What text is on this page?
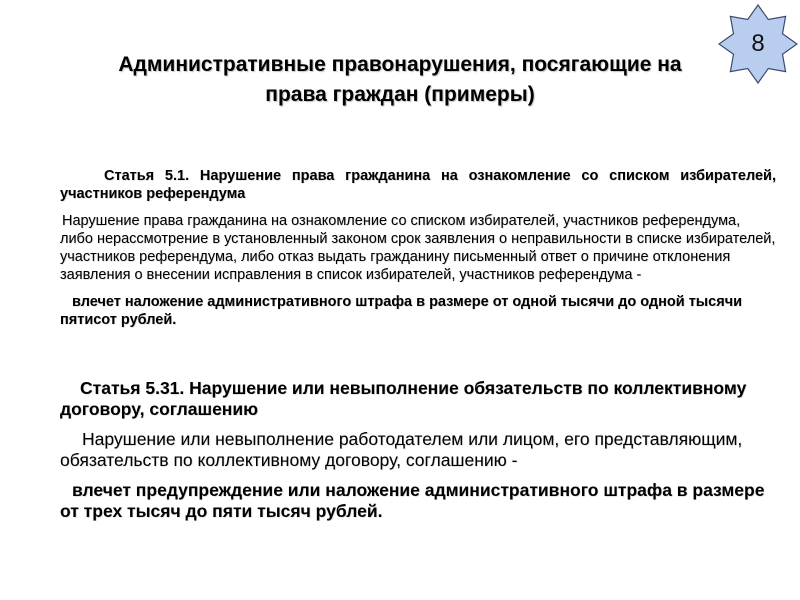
Административные правонарушения, посягающие на
права граждан (примеры)
8

Статья 5.1. Нарушение права гражданина на ознакомление со списком избирателей, участников референдума

Нарушение права гражданина на ознакомление со списком избирателей, участников референдума, либо нерассмотрение в установленный законом срок заявления о неправильности в списке избирателей, участников референдума, либо отказ выдать гражданину письменный ответ о причине отклонения заявления о внесении исправления в список избирателей, участников референдума -

влечет наложение административного штрафа в размере от одной тысячи до одной тысячи пятисот рублей.

Статья 5.31. Нарушение или невыполнение обязательств по коллективному договору, соглашению

Нарушение или невыполнение работодателем или лицом, его представляющим, обязательств по коллективному договору, соглашению -

влечет предупреждение или наложение административного штрафа в размере от трех тысяч до пяти тысяч рублей.
